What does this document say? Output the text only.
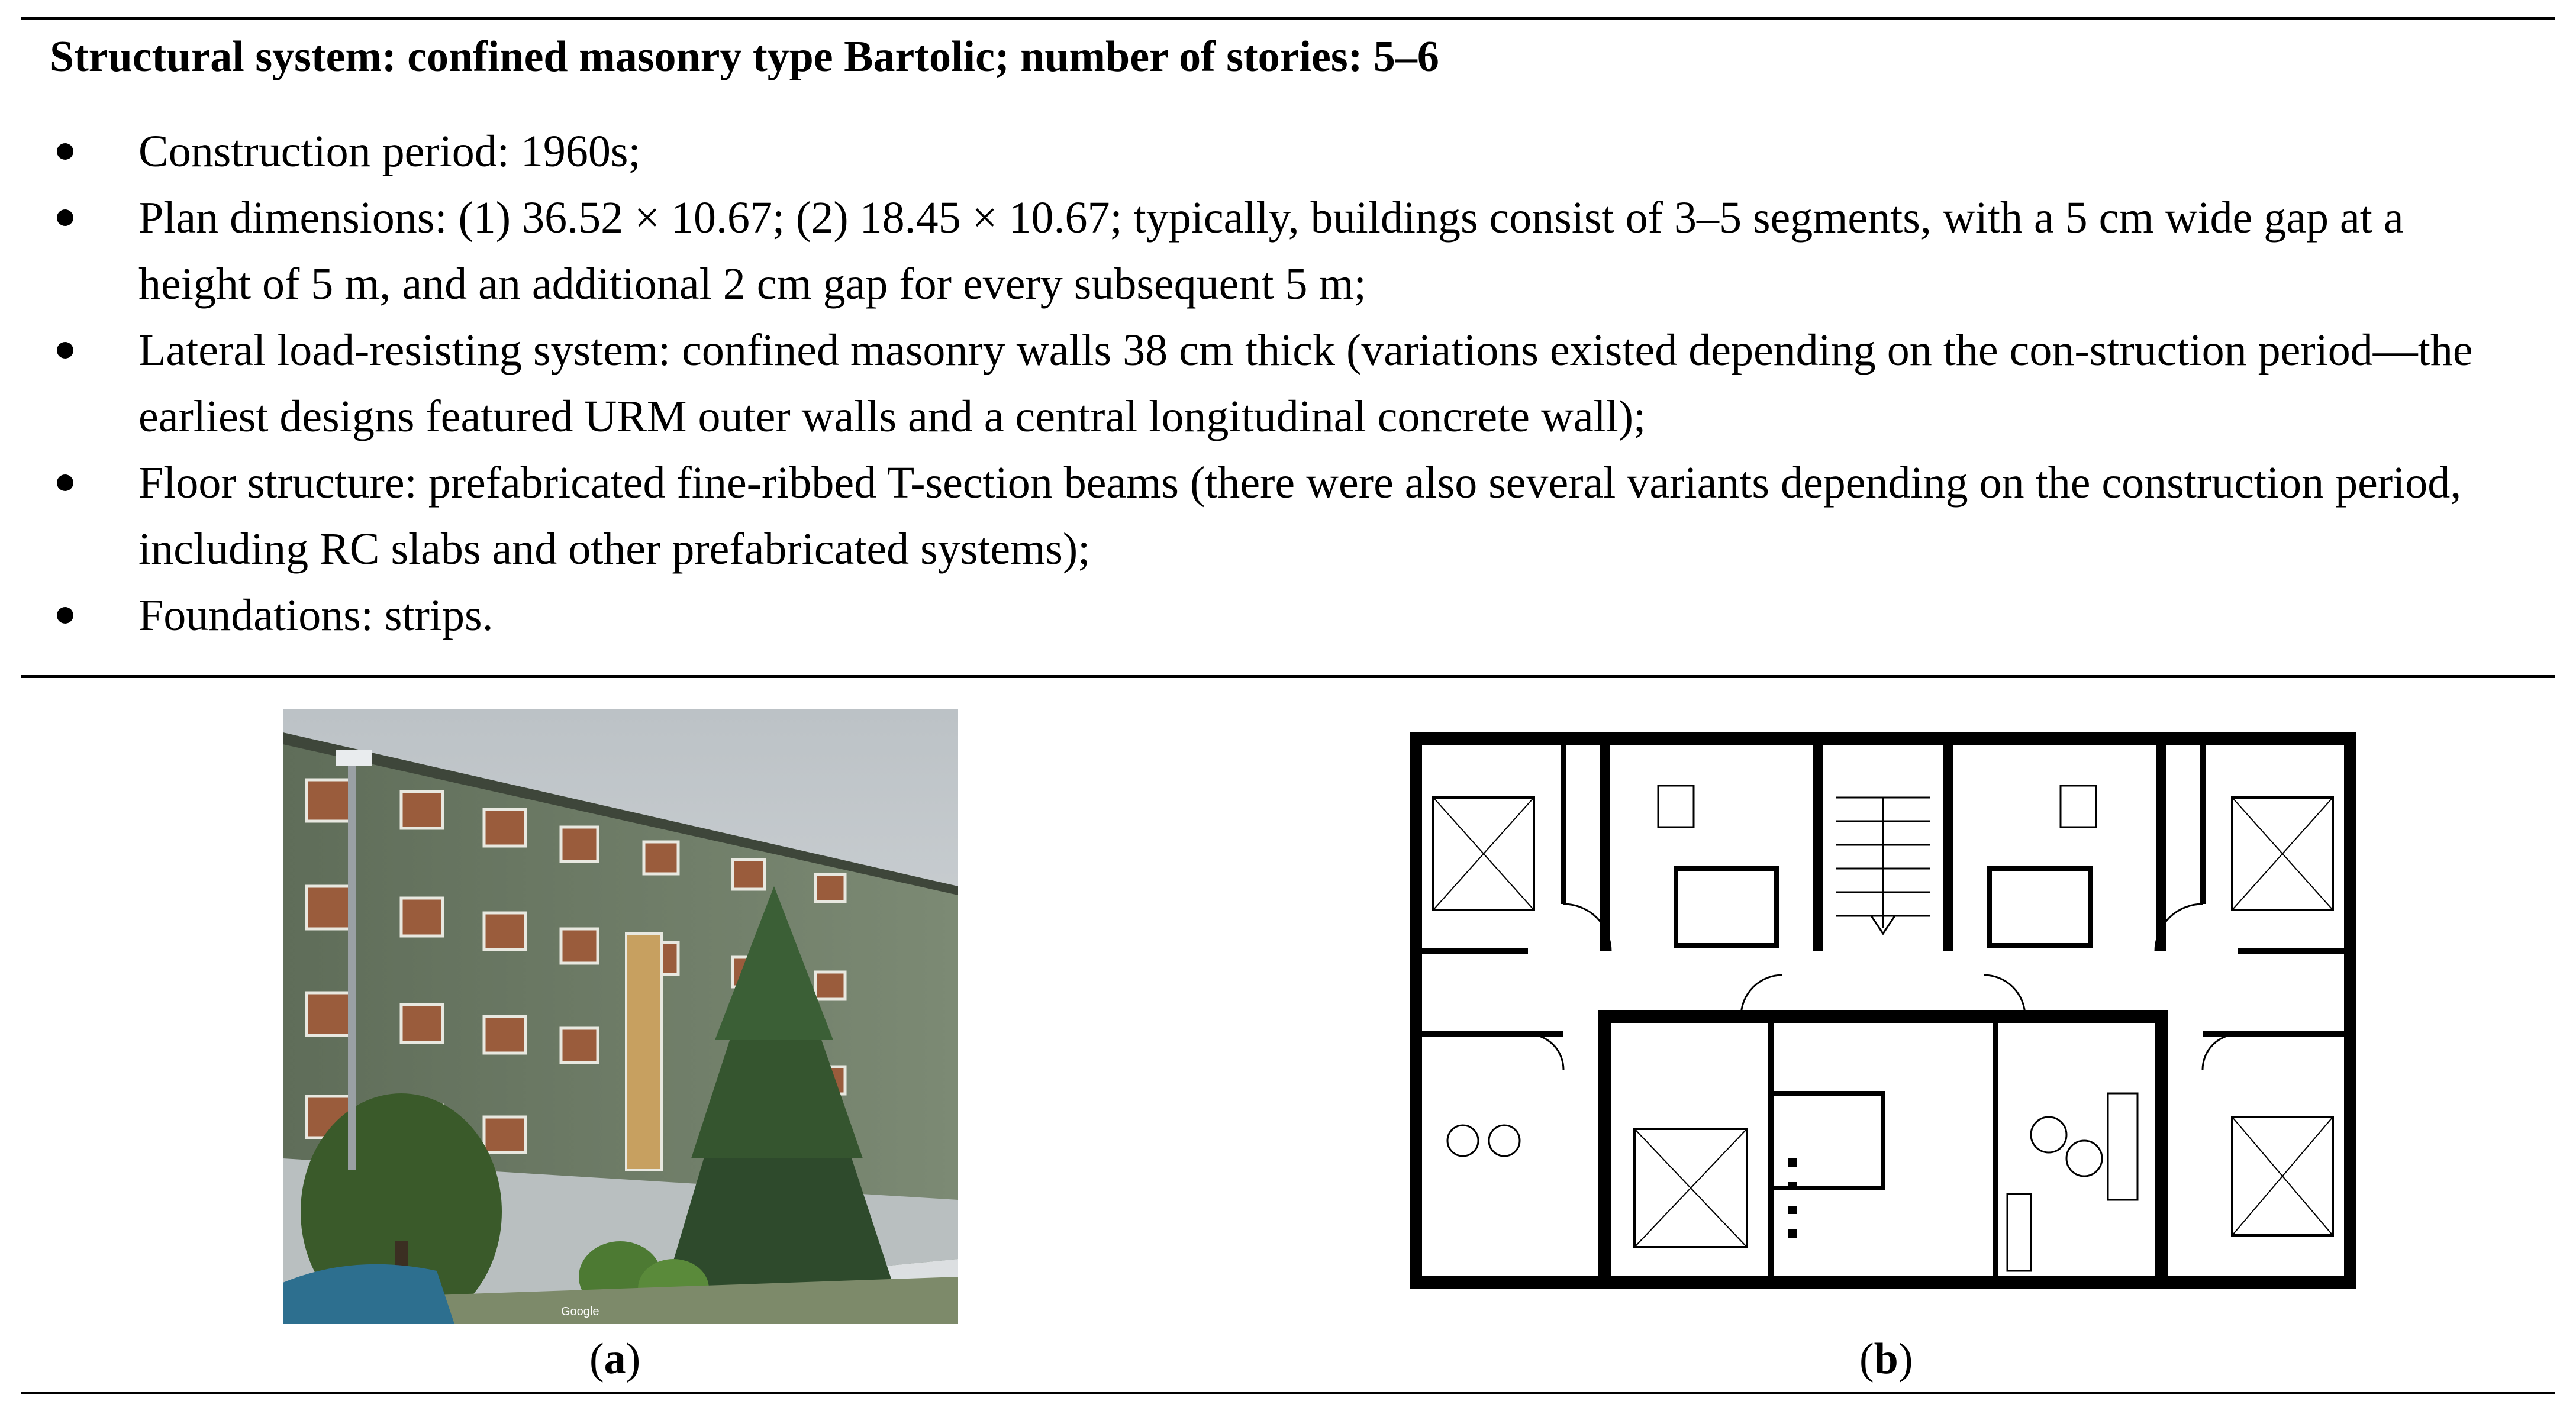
Structural system: confined masonry type Bartolic; number of stories: 5–6
Construction period: 1960s;
Plan dimensions: (1) 36.52 × 10.67; (2) 18.45 × 10.67; typically, buildings consist of 3–5 segments, with a 5 cm wide gap at a height of 5 m, and an additional 2 cm gap for every subsequent 5 m;
Lateral load-resisting system: confined masonry walls 38 cm thick (variations existed depending on the con-struction period—the earliest designs featured URM outer walls and a central longitudinal concrete wall);
Floor structure: prefabricated fine-ribbed T-section beams (there were also several variants depending on the construction period, including RC slabs and other prefabricated systems);
Foundations: strips.
Google
(a)	(b)
